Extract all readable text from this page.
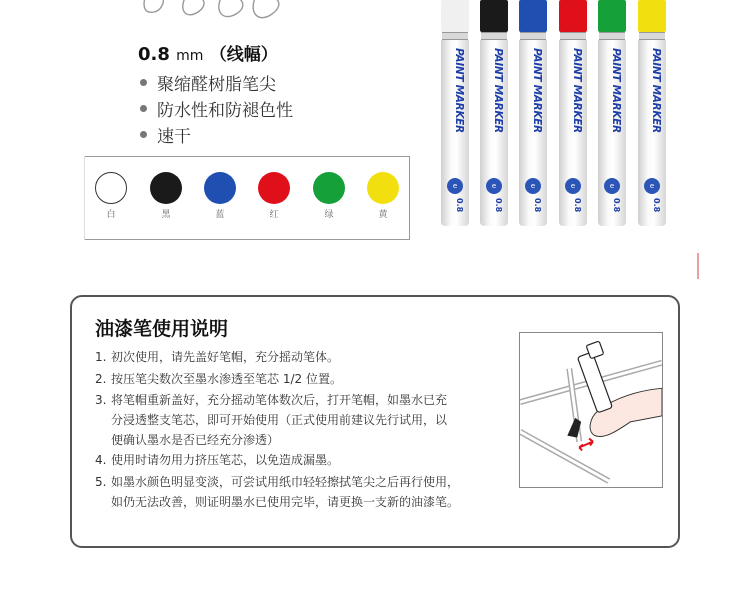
0.8 mm （线幅）
聚缩醛树脂笔尖
防水性和防褪色性
速干
白	黑	蓝	红	绿	黄
PAINT MARKER
e
0.8
PAINT MARKER
e
0.8
PAINT MARKER
e
0.8
PAINT MARKER
e
0.8
PAINT MARKER
e
0.8
PAINT MARKER
e
0.8
油漆笔使用说明
1. 初次使用，请先盖好笔帽，充分摇动笔体。
2. 按压笔尖数次至墨水渗透至笔芯 1/2 位置。
3. 将笔帽重新盖好，充分摇动笔体数次后，打开笔帽，如墨水已充
分浸透整支笔芯，即可开始使用（正式使用前建议先行试用，以
便确认墨水是否已经充分渗透）
4. 使用时请勿用力挤压笔芯，以免造成漏墨。
5. 如墨水颜色明显变淡，可尝试用纸巾轻轻擦拭笔尖之后再行使用，
如仍无法改善，则证明墨水已使用完毕，请更换一支新的油漆笔。
